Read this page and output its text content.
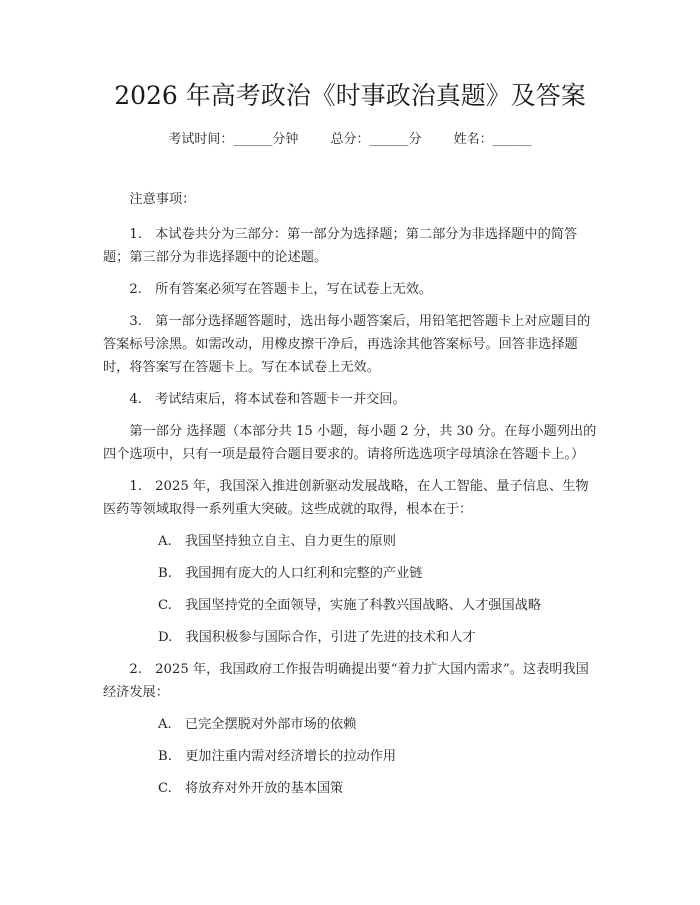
2026 年高考政治《时事政治真题》及答案
考试时间：______分钟 总分：______分 姓名：______

注意事项：

1.　本试卷共分为三部分：第一部分为选择题；第二部分为非选择题中的简答题；第三部分为非选择题中的论述题。

2.　所有答案必须写在答题卡上，写在试卷上无效。

3.　第一部分选择题答题时，选出每小题答案后，用铅笔把答题卡上对应题目的答案标号涂黑。如需改动，用橡皮擦干净后，再选涂其他答案标号。回答非选择题时，将答案写在答题卡上。写在本试卷上无效。

4.　考试结束后，将本试卷和答题卡一并交回。

第一部分 选择题（本部分共 15 小题，每小题 2 分，共 30 分。在每小题列出的四个选项中，只有一项是最符合题目要求的。请将所选选项字母填涂在答题卡上。）

1.　2025 年，我国深入推进创新驱动发展战略，在人工智能、量子信息、生物医药等领域取得一系列重大突破。这些成就的取得，根本在于：

A.　我国坚持独立自主、自力更生的原则

B.　我国拥有庞大的人口红利和完整的产业链

C.　我国坚持党的全面领导，实施了科教兴国战略、人才强国战略

D.　我国积极参与国际合作，引进了先进的技术和人才

2.　2025 年，我国政府工作报告明确提出要“着力扩大国内需求”。这表明我国经济发展：

A.　已完全摆脱对外部市场的依赖

B.　更加注重内需对经济增长的拉动作用

C.　将放弃对外开放的基本国策
